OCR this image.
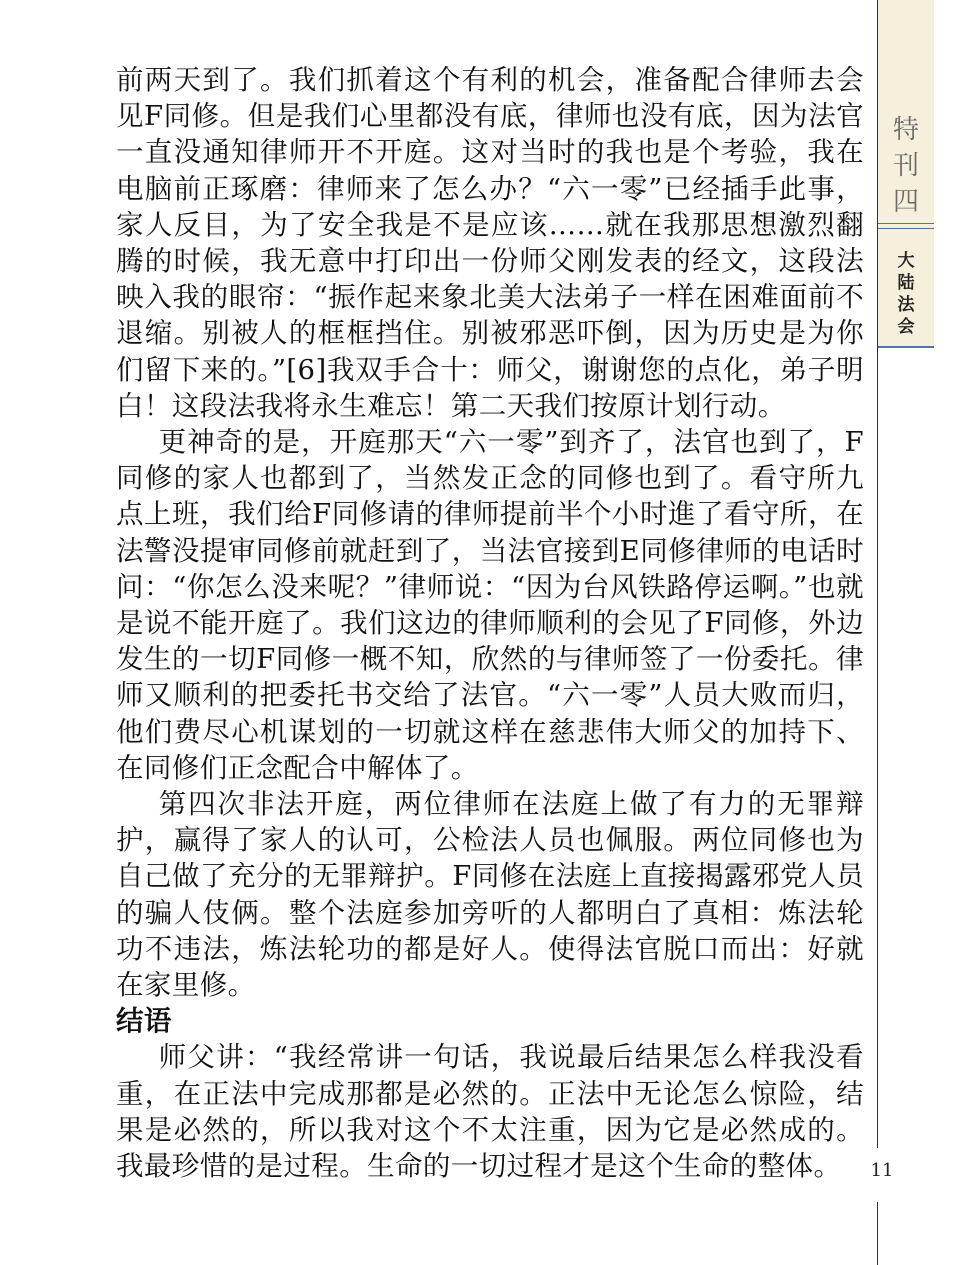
前两天到了。我们抓着这个有利的机会，准备配合律师去会见F同修。但是我们心里都没有底，律师也没有底，因为法官一直没通知律师开不开庭。这对当时的我也是个考验，我在电脑前正琢磨：律师来了怎么办？“六一零”已经插手此事，家人反目，为了安全我是不是应该……就在我那思想激烈翻腾的时候，我无意中打印出一份师父刚发表的经文，这段法映入我的眼帘：“振作起来象北美大法弟子一样在困难面前不退缩。别被人的框框挡住。别被邪恶吓倒，因为历史是为你们留下来的。”[6]我双手合十：师父，谢谢您的点化，弟子明白！这段法我将永生难忘！第二天我们按原计划行动。

更神奇的是，开庭那天“六一零”到齐了，法官也到了，F同修的家人也都到了，当然发正念的同修也到了。看守所九点上班，我们给F同修请的律师提前半个小时進了看守所，在法警没提审同修前就赶到了，当法官接到E同修律师的电话时问：“你怎么没来呢？”律师说：“因为台风铁路停运啊。”也就是说不能开庭了。我们这边的律师顺利的会见了F同修，外边发生的一切F同修一概不知，欣然的与律师签了一份委托。律师又顺利的把委托书交给了法官。“六一零”人员大败而归，他们费尽心机谋划的一切就这样在慈悲伟大师父的加持下、在同修们正念配合中解体了。

第四次非法开庭，两位律师在法庭上做了有力的无罪辩护，赢得了家人的认可，公检法人员也佩服。两位同修也为自己做了充分的无罪辩护。F同修在法庭上直接揭露邪党人员的骗人伎俩。整个法庭参加旁听的人都明白了真相：炼法轮功不违法，炼法轮功的都是好人。使得法官脱口而出：好就在家里修。

结语

师父讲：“我经常讲一句话，我说最后结果怎么样我没看重，在正法中完成那都是必然的。正法中无论怎么惊险，结果是必然的，所以我对这个不太注重，因为它是必然成的。我最珍惜的是过程。生命的一切过程才是这个生命的整体。

特
刊
四
大
陆
法
会
11
